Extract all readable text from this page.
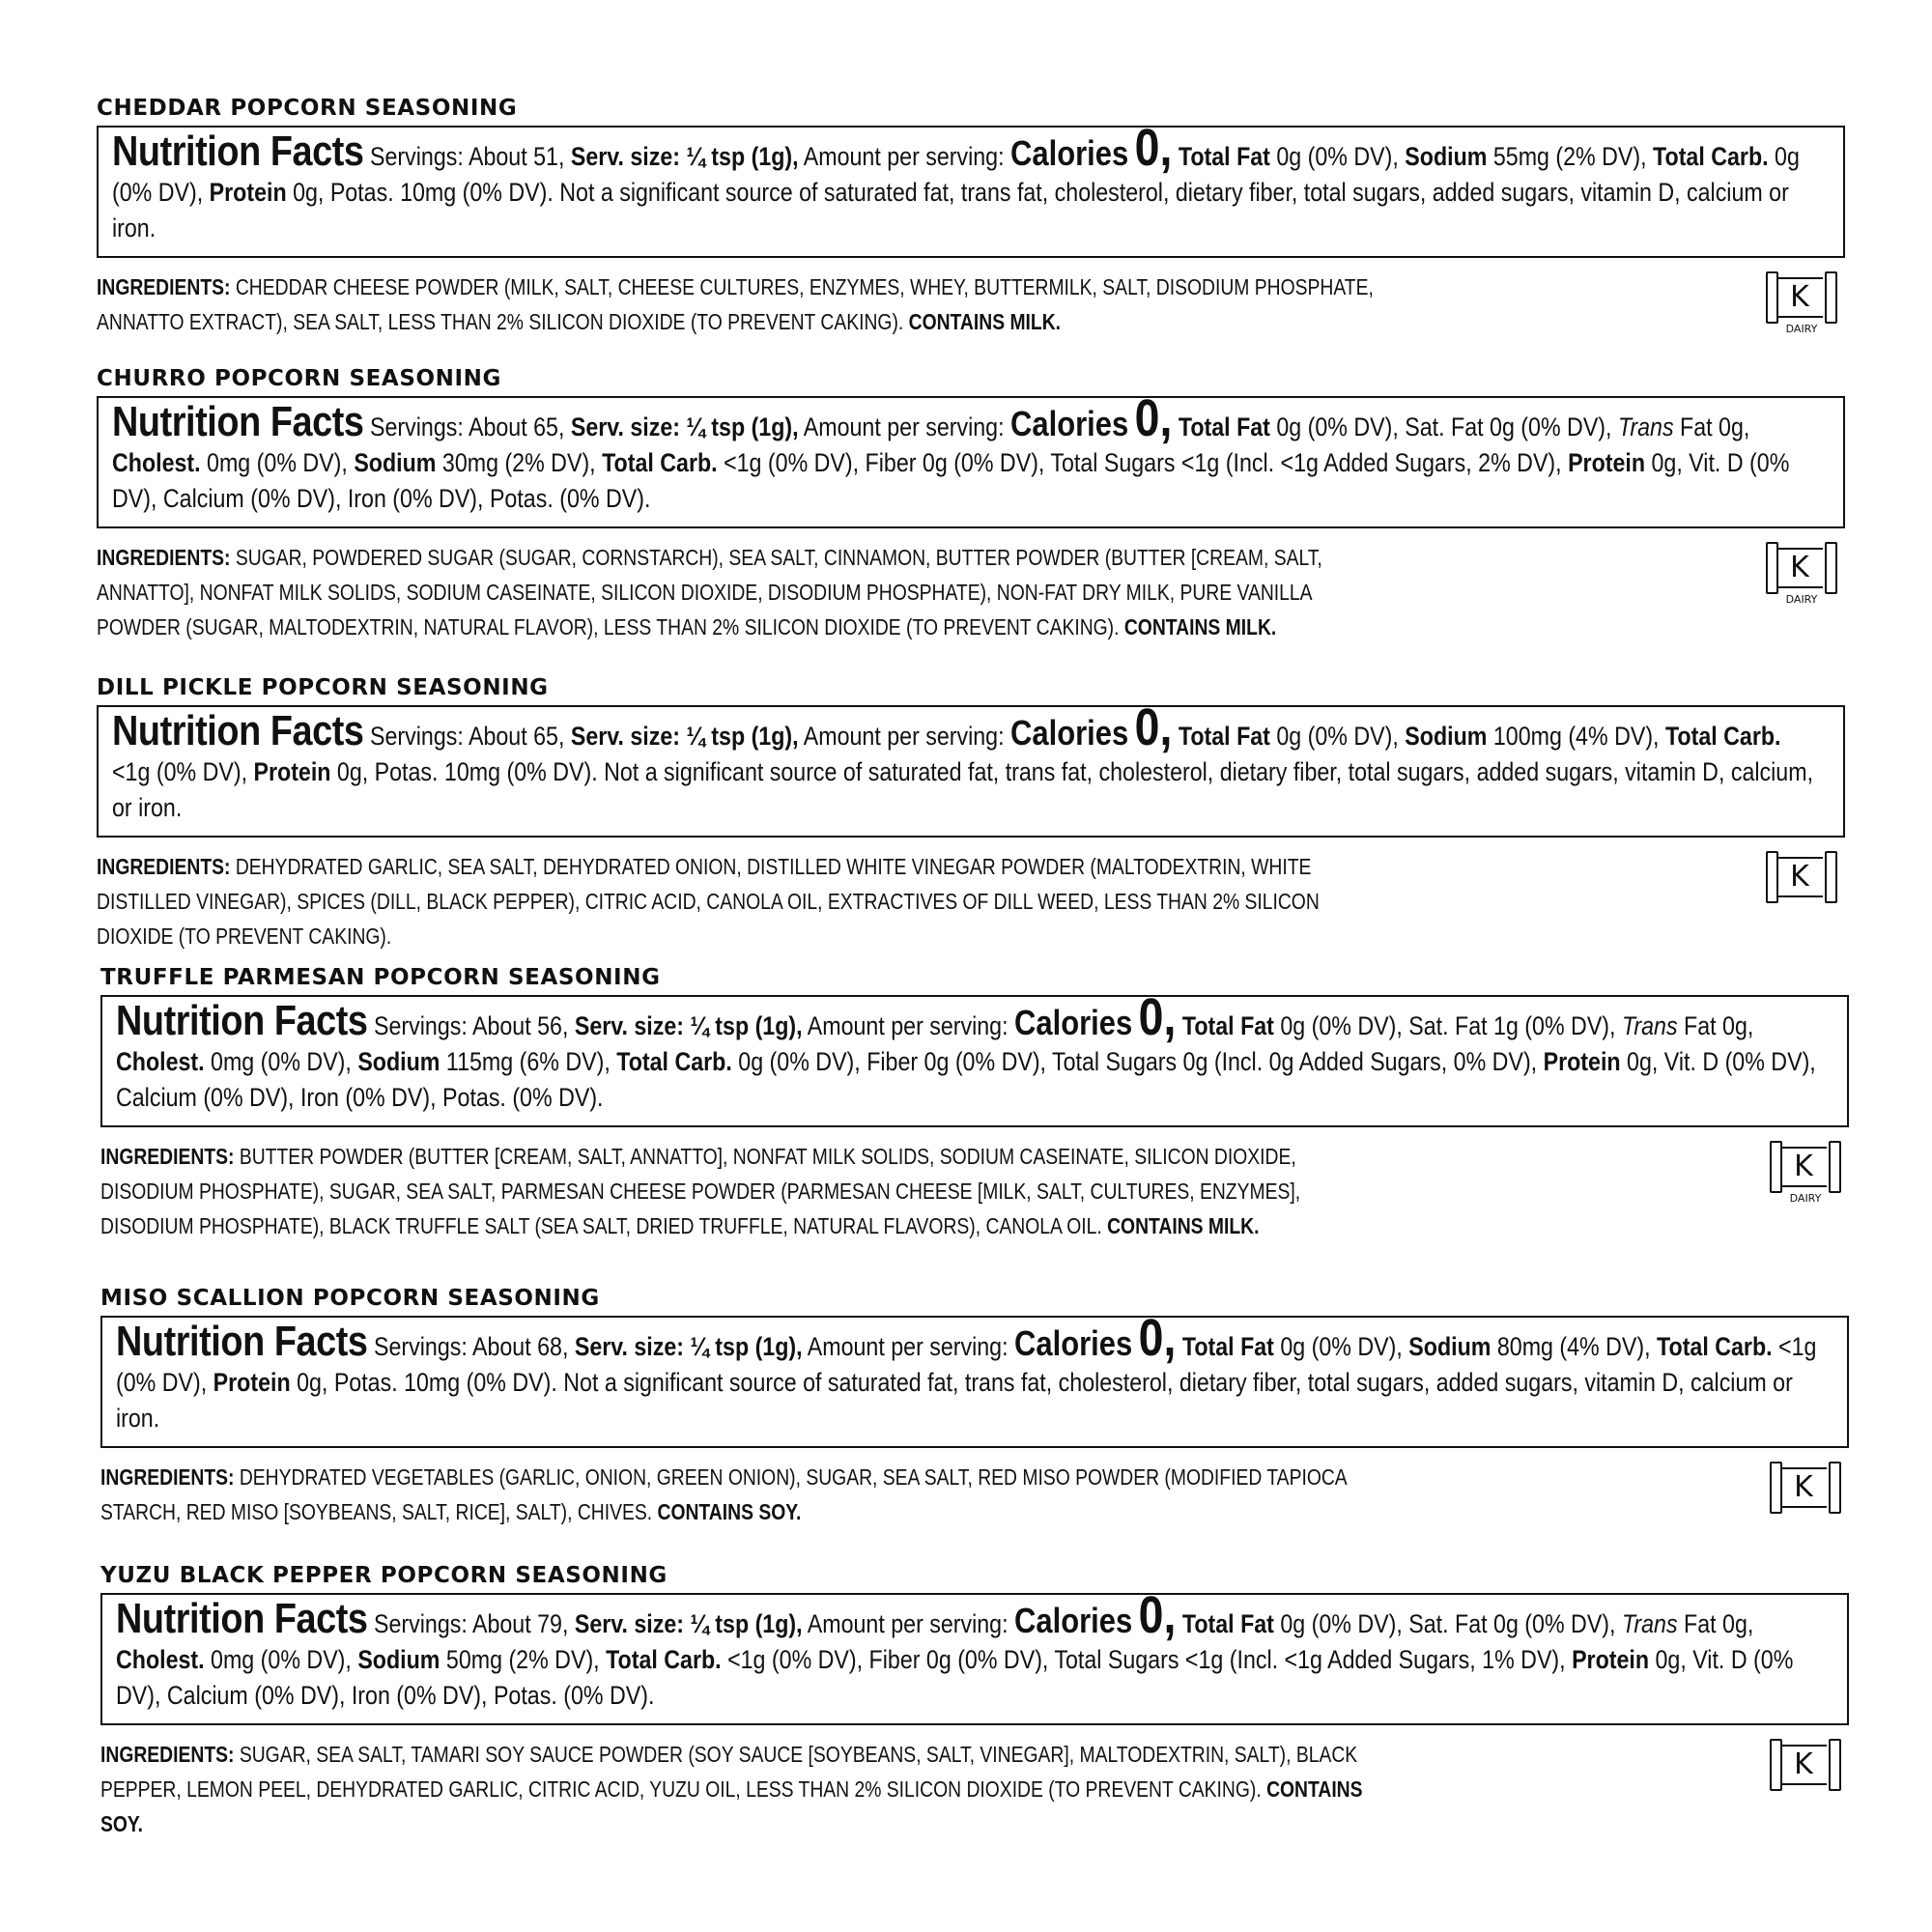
CHEDDAR POPCORN SEASONING

Nutrition Facts Servings: About 51, Serv. size: ¼ tsp (1g), Amount per serving: Calories 0, Total Fat 0g (0% DV), Sodium 55mg (2% DV), Total Carb. 0g (0% DV), Protein 0g, Potas. 10mg (0% DV). Not a significant source of saturated fat, trans fat, cholesterol, dietary fiber, total sugars, added sugars, vitamin D, calcium or iron.

INGREDIENTS: CHEDDAR CHEESE POWDER (MILK, SALT, CHEESE CULTURES, ENZYMES, WHEY, BUTTERMILK, SALT, DISODIUM PHOSPHATE, ANNATTO EXTRACT), SEA SALT, LESS THAN 2% SILICON DIOXIDE (TO PREVENT CAKING). CONTAINS MILK.

K
DAIRY
CHURRO POPCORN SEASONING

Nutrition Facts Servings: About 65, Serv. size: ¼ tsp (1g), Amount per serving: Calories 0, Total Fat 0g (0% DV), Sat. Fat 0g (0% DV), Trans Fat 0g, Cholest. 0mg (0% DV), Sodium 30mg (2% DV), Total Carb. <1g (0% DV), Fiber 0g (0% DV), Total Sugars <1g (Incl. <1g Added Sugars, 2% DV), Protein 0g, Vit. D (0% DV), Calcium (0% DV), Iron (0% DV), Potas. (0% DV).

INGREDIENTS: SUGAR, POWDERED SUGAR (SUGAR, CORNSTARCH), SEA SALT, CINNAMON, BUTTER POWDER (BUTTER [CREAM, SALT, ANNATTO], NONFAT MILK SOLIDS, SODIUM CASEINATE, SILICON DIOXIDE, DISODIUM PHOSPHATE), NON-FAT DRY MILK, PURE VANILLA POWDER (SUGAR, MALTODEXTRIN, NATURAL FLAVOR), LESS THAN 2% SILICON DIOXIDE (TO PREVENT CAKING). CONTAINS MILK.

K
DAIRY
DILL PICKLE POPCORN SEASONING

Nutrition Facts Servings: About 65, Serv. size: ¼ tsp (1g), Amount per serving: Calories 0, Total Fat 0g (0% DV), Sodium 100mg (4% DV), Total Carb. <1g (0% DV), Protein 0g, Potas. 10mg (0% DV). Not a significant source of saturated fat, trans fat, cholesterol, dietary fiber, total sugars, added sugars, vitamin D, calcium, or iron.

INGREDIENTS: DEHYDRATED GARLIC, SEA SALT, DEHYDRATED ONION, DISTILLED WHITE VINEGAR POWDER (MALTODEXTRIN, WHITE DISTILLED VINEGAR), SPICES (DILL, BLACK PEPPER), CITRIC ACID, CANOLA OIL, EXTRACTIVES OF DILL WEED, LESS THAN 2% SILICON DIOXIDE (TO PREVENT CAKING).

K
TRUFFLE PARMESAN POPCORN SEASONING

Nutrition Facts Servings: About 56, Serv. size: ¼ tsp (1g), Amount per serving: Calories 0, Total Fat 0g (0% DV), Sat. Fat 1g (0% DV), Trans Fat 0g, Cholest. 0mg (0% DV), Sodium 115mg (6% DV), Total Carb. 0g (0% DV), Fiber 0g (0% DV), Total Sugars 0g (Incl. 0g Added Sugars, 0% DV), Protein 0g, Vit. D (0% DV), Calcium (0% DV), Iron (0% DV), Potas. (0% DV).

INGREDIENTS: BUTTER POWDER (BUTTER [CREAM, SALT, ANNATTO], NONFAT MILK SOLIDS, SODIUM CASEINATE, SILICON DIOXIDE, DISODIUM PHOSPHATE), SUGAR, SEA SALT, PARMESAN CHEESE POWDER (PARMESAN CHEESE [MILK, SALT, CULTURES, ENZYMES], DISODIUM PHOSPHATE), BLACK TRUFFLE SALT (SEA SALT, DRIED TRUFFLE, NATURAL FLAVORS), CANOLA OIL. CONTAINS MILK.

K
DAIRY
MISO SCALLION POPCORN SEASONING

Nutrition Facts Servings: About 68, Serv. size: ¼ tsp (1g), Amount per serving: Calories 0, Total Fat 0g (0% DV), Sodium 80mg (4% DV), Total Carb. <1g (0% DV), Protein 0g, Potas. 10mg (0% DV). Not a significant source of saturated fat, trans fat, cholesterol, dietary fiber, total sugars, added sugars, vitamin D, calcium or iron.

INGREDIENTS: DEHYDRATED VEGETABLES (GARLIC, ONION, GREEN ONION), SUGAR, SEA SALT, RED MISO POWDER (MODIFIED TAPIOCA STARCH, RED MISO [SOYBEANS, SALT, RICE], SALT), CHIVES. CONTAINS SOY.

K
YUZU BLACK PEPPER POPCORN SEASONING

Nutrition Facts Servings: About 79, Serv. size: ¼ tsp (1g), Amount per serving: Calories 0, Total Fat 0g (0% DV), Sat. Fat 0g (0% DV), Trans Fat 0g, Cholest. 0mg (0% DV), Sodium 50mg (2% DV), Total Carb. <1g (0% DV), Fiber 0g (0% DV), Total Sugars <1g (Incl. <1g Added Sugars, 1% DV), Protein 0g, Vit. D (0% DV), Calcium (0% DV), Iron (0% DV), Potas. (0% DV).

INGREDIENTS: SUGAR, SEA SALT, TAMARI SOY SAUCE POWDER (SOY SAUCE [SOYBEANS, SALT, VINEGAR], MALTODEXTRIN, SALT), BLACK PEPPER, LEMON PEEL, DEHYDRATED GARLIC, CITRIC ACID, YUZU OIL, LESS THAN 2% SILICON DIOXIDE (TO PREVENT CAKING). CONTAINS SOY.

K
